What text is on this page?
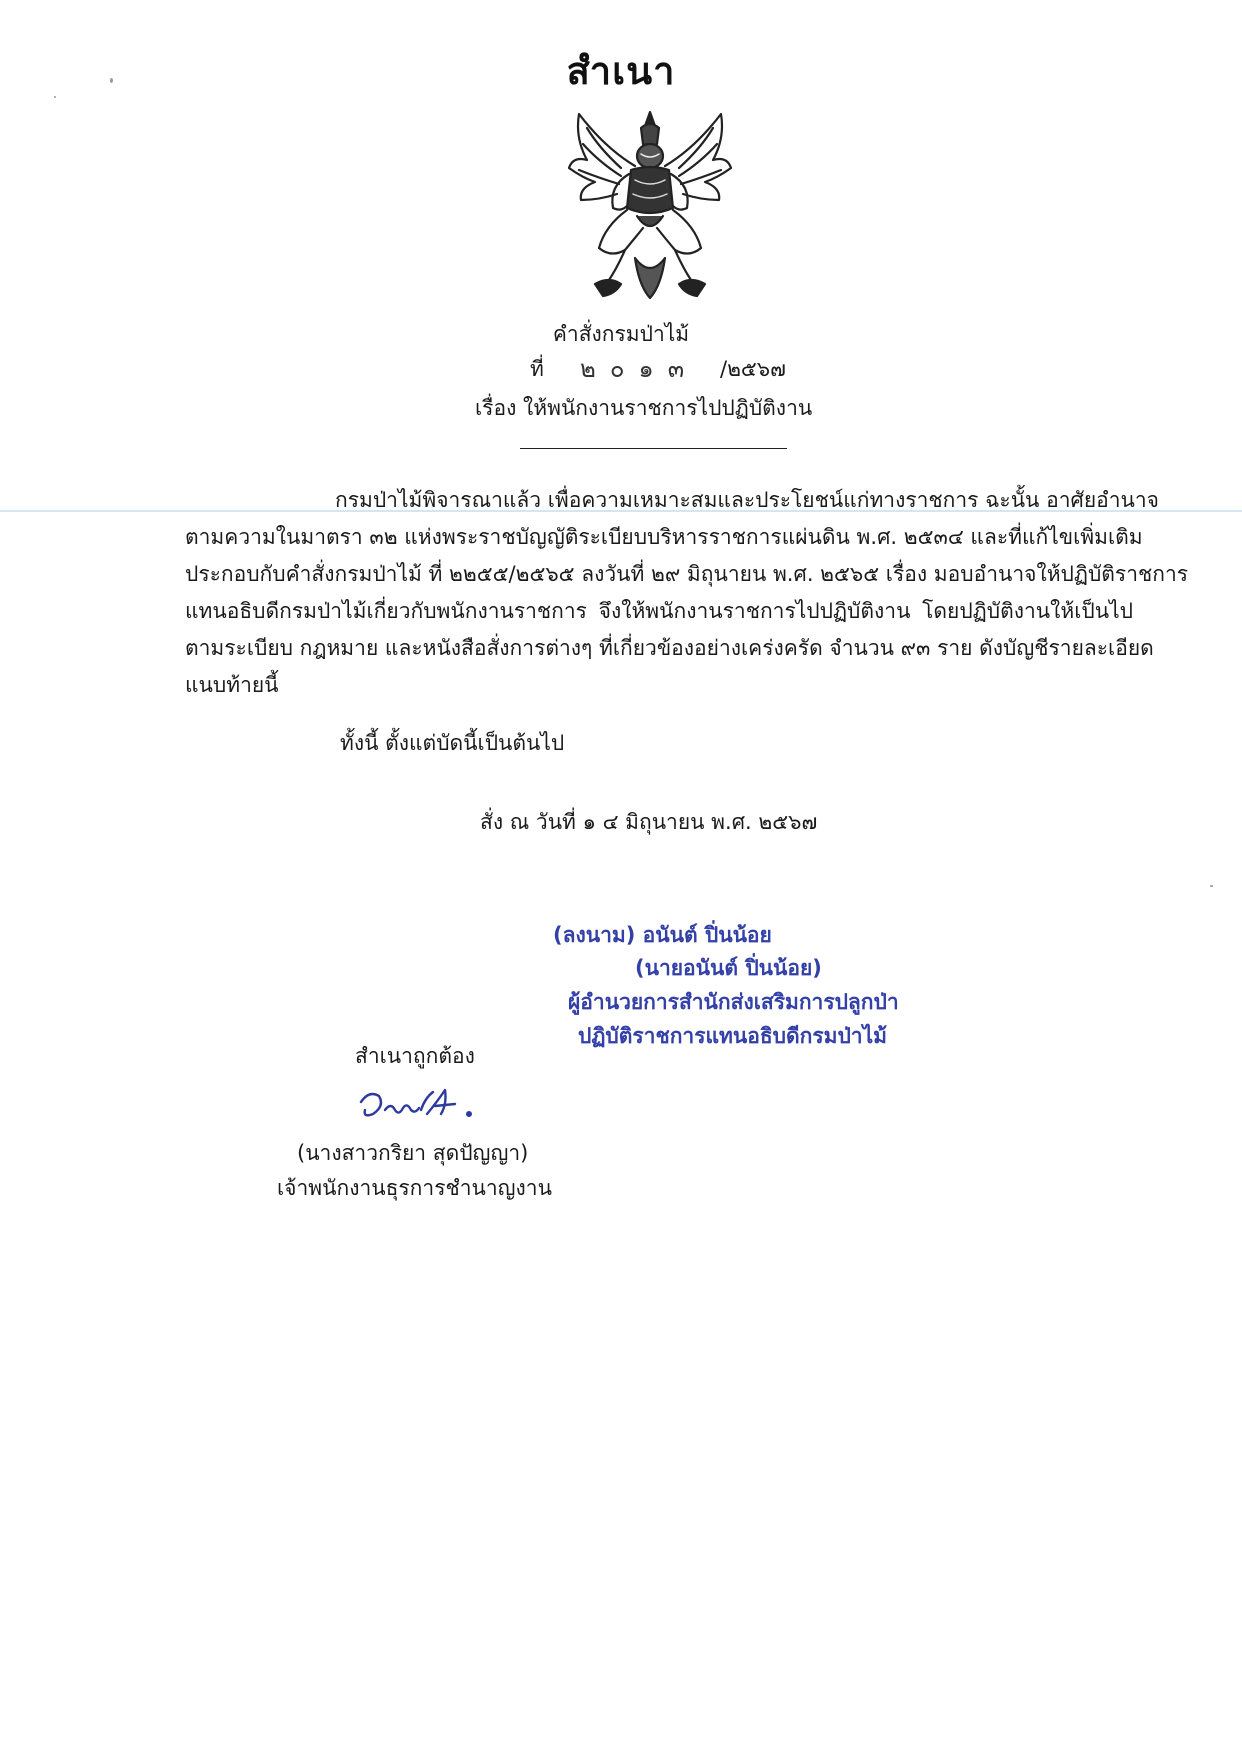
สำเนา
คำสั่งกรมป่าไม้
ที่ ๒๐๑๓ /๒๕๖๗
เรื่อง ให้พนักงานราชการไปปฏิบัติงาน
กรมป่าไม้พิจารณาแล้ว เพื่อความเหมาะสมและประโยชน์แก่ทางราชการ ฉะนั้น อาศัยอำนาจ
ตามความในมาตรา ๓๒ แห่งพระราชบัญญัติระเบียบบริหารราชการแผ่นดิน พ.ศ. ๒๕๓๔ และที่แก้ไขเพิ่มเติม
ประกอบกับคำสั่งกรมป่าไม้ ที่ ๒๒๕๕/๒๕๖๕ ลงวันที่ ๒๙ มิถุนายน พ.ศ. ๒๕๖๕ เรื่อง มอบอำนาจให้ปฏิบัติราชการ
แทนอธิบดีกรมป่าไม้เกี่ยวกับพนักงานราชการ จึงให้พนักงานราชการไปปฏิบัติงาน โดยปฏิบัติงานให้เป็นไป
ตามระเบียบ กฎหมาย และหนังสือสั่งการต่างๆ ที่เกี่ยวข้องอย่างเคร่งครัด จำนวน ๙๓ ราย ดังบัญชีรายละเอียด
แนบท้ายนี้
ทั้งนี้ ตั้งแต่บัดนี้เป็นต้นไป
สั่ง ณ วันที่ ๑ ๔ มิถุนายน พ.ศ. ๒๕๖๗
(ลงนาม) อนันต์ ปิ่นน้อย
(นายอนันต์ ปิ่นน้อย)
ผู้อำนวยการสำนักส่งเสริมการปลูกป่า
ปฏิบัติราชการแทนอธิบดีกรมป่าไม้
สำเนาถูกต้อง
(นางสาวกริยา สุดปัญญา)
เจ้าพนักงานธุรการชำนาญงาน
